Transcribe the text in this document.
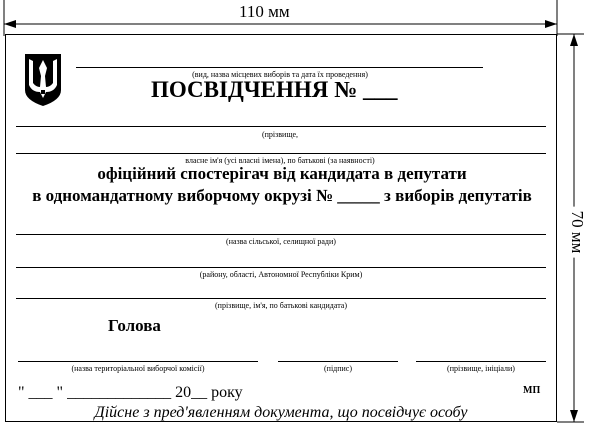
110 мм
70 мм
(вид, назва місцевих виборів та дата їх проведення)
ПОСВІДЧЕННЯ № ___
(прізвище,
власне ім'я (усі власні імена), по батькові (за наявності)
офіційний спостерігач від кандидата в депутати
в одномандатному виборчому окрузі № _____ з виборів депутатів
(назва сільської, селищної ради)
(району, області, Автономної Республіки Крим)
(прізвище, ім'я, по батькові кандидата)
Голова
(назва територіальної виборчої комісії)	(підпис)	(прізвище, ініціали)
" ___ " _____________ 20__ року	МП
Дійсне з пред'явленням документа, що посвідчує особу
